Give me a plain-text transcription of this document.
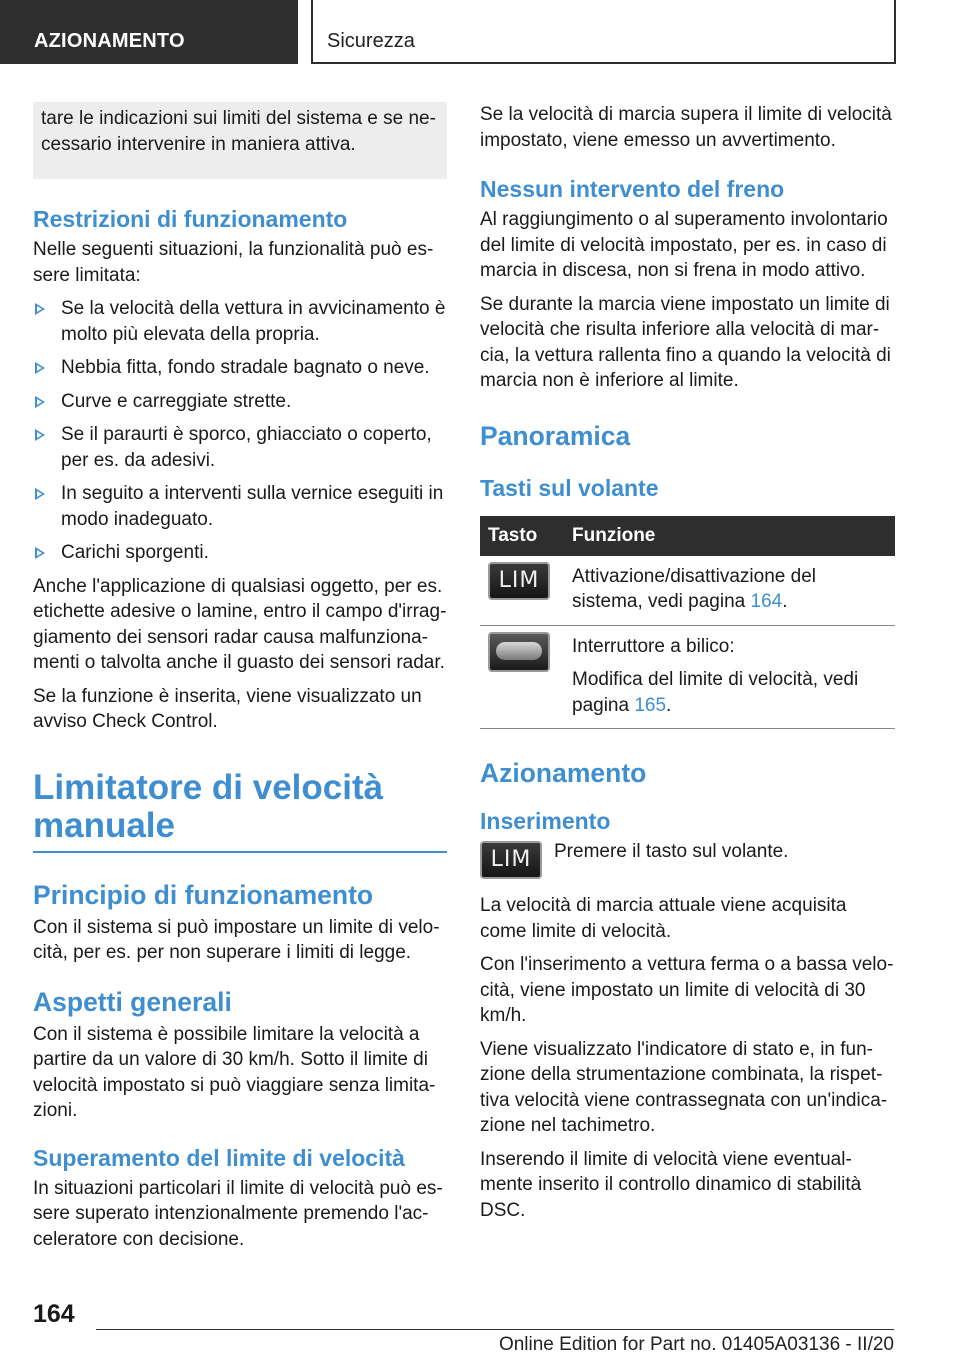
AZIONAMENTO	Sicurezza
tare le indicazioni sui limiti del sistema e se necessario intervenire in maniera attiva.
Restrizioni di funzionamento

Nelle seguenti situazioni, la funzionalità può essere limitata:

Se la velocità della vettura in avvicinamento è molto più elevata della propria.
Nebbia fitta, fondo stradale bagnato o neve.
Curve e carreggiate strette.
Se il paraurti è sporco, ghiacciato o coperto, per es. da adesivi.
In seguito a interventi sulla vernice eseguiti in modo inadeguato.
Carichi sporgenti.

Anche l'applicazione di qualsiasi oggetto, per es. etichette adesive o lamine, entro il campo d'irraggiamento dei sensori radar causa malfunzionamenti o talvolta anche il guasto dei sensori radar.

Se la funzione è inserita, viene visualizzato un avviso Check Control.

Limitatore di velocità manuale
Principio di funzionamento

Con il sistema si può impostare un limite di velocità, per es. per non superare i limiti di legge.

Aspetti generali

Con il sistema è possibile limitare la velocità a partire da un valore di 30 km/h. Sotto il limite di velocità impostato si può viaggiare senza limitazioni.

Superamento del limite di velocità

In situazioni particolari il limite di velocità può essere superato intenzionalmente premendo l'acceleratore con decisione.

Se la velocità di marcia supera il limite di velocità impostato, viene emesso un avvertimento.

Nessun intervento del freno

Al raggiungimento o al superamento involontario del limite di velocità impostato, per es. in caso di marcia in discesa, non si frena in modo attivo.

Se durante la marcia viene impostato un limite di velocità che risulta inferiore alla velocità di marcia, la vettura rallenta fino a quando la velocità di marcia non è inferiore al limite.

Panoramica
Tasti sul volante
Tasto	Funzione

LIM	Attivazione/disattivazione del sistema, vedi pagina 164.

	Interruttore a bilico:

Modifica del limite di velocità, vedi pagina 165.

Azionamento
Inserimento
LIM	Premere il tasto sul volante.

La velocità di marcia attuale viene acquisita come limite di velocità.

Con l'inserimento a vettura ferma o a bassa velocità, viene impostato un limite di velocità di 30 km/h.

Viene visualizzato l'indicatore di stato e, in funzione della strumentazione combinata, la rispettiva velocità viene contrassegnata con un'indicazione nel tachimetro.

Inserendo il limite di velocità viene eventualmente inserito il controllo dinamico di stabilità DSC.

164
Online Edition for Part no. 01405A03136 - II/20
